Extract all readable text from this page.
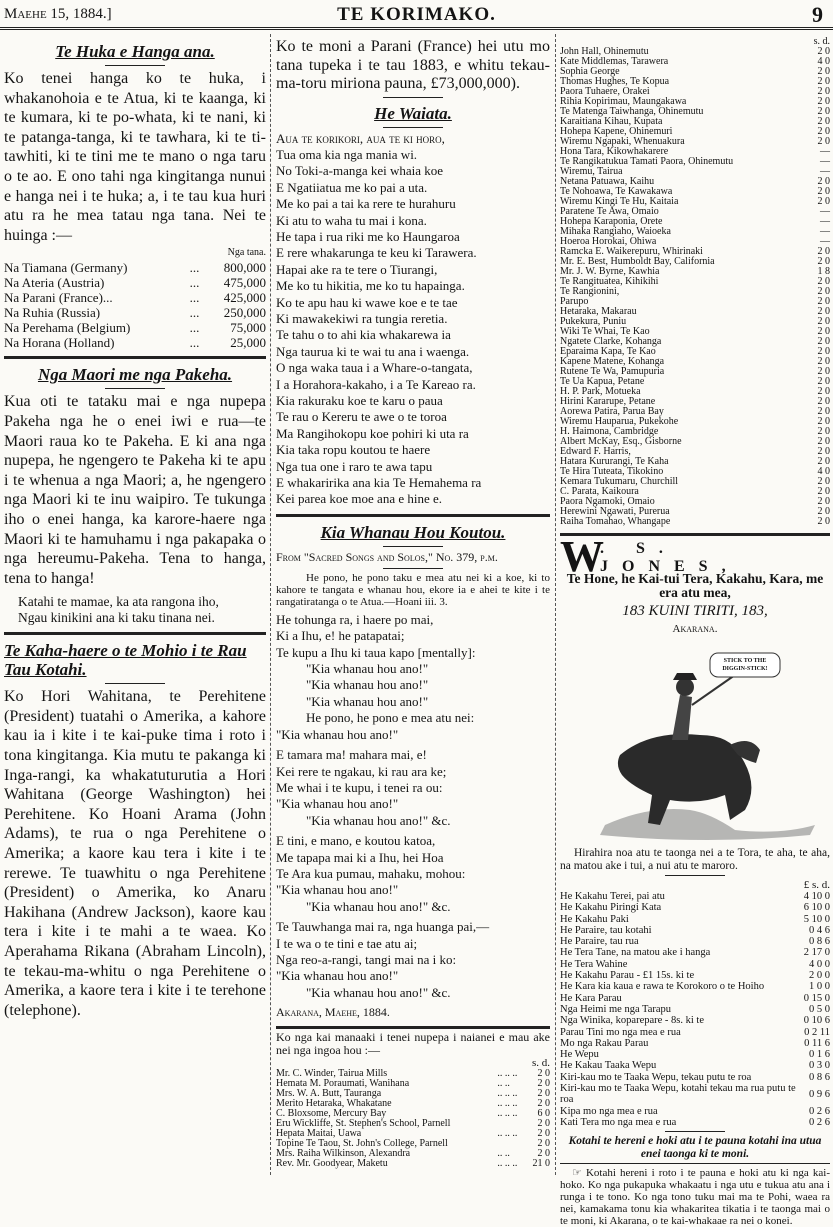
Maehe 15, 1884.]	TE KORIMAKO.	9
Te Huka e Hanga ana.

Ko tenei hanga ko te huka, i whakanohoia e te Atua, ki te kaanga, ki te kumara, ki te po-whata, ki te nani, ki te patanga-tanga, ki te tawhara, ki te ti-tawhiti, ki te tini me te mano o nga taru o te ao. E ono tahi nga kingitanga nunui e hanga nei i te huka; a, i te tau kua huri atu ra he mea tatau nga tana. Nei te huinga :—

		Nga tana.
Na Tiamana (Germany)	...	800,000
Na Ateria (Austria)	...	475,000
Na Parani (France)...	...	425,000
Na Ruhia (Russia)	...	250,000
Na Perehama (Belgium)	...	75,000
Na Horana (Holland)	...	25,000
Nga Maori me nga Pakeha.

Kua oti te tataku mai e nga nupepa Pakeha nga he o enei iwi e rua—te Maori raua ko te Pakeha. E ki ana nga nupepa, he ngengero te Pakeha ki te apu i te whenua a nga Maori; a, he ngengero nga Maori ki te inu waipiro. Te tukunga iho o enei hanga, ka karore-haere nga Maori ki te hamuhamu i nga pakapaka o nga hereumu-Pakeha. Tena to hanga, tena to hanga!

Katahi te mamae, ka ata rangona iho,
Ngau kinikini ana ki taku tinana nei.
Te Kaha-haere o te Mohio i te Rau Tau Kotahi.

Ko Hori Wahitana, te Perehitene (President) tuatahi o Amerika, a kahore kau ia i kite i te kai-puke tima i roto i tona kingitanga. Kia mutu te pakanga ki Inga-rangi, ka whakatuturutia a Hori Wahitana (George Washington) hei Perehitene. Ko Hoani Arama (John Adams), te rua o nga Perehitene o Amerika; a kaore kau tera i kite i te rerewe. Te tuawhitu o nga Perehitene (President) o Amerika, ko Anaru Hakihana (Andrew Jackson), kaore kau tera i kite i te mahi a te waea. Ko Aperahama Rikana (Abraham Lincoln), te tekau-ma-whitu o nga Perehitene o Amerika, a kaore tera i kite i te terehone (telephone).

Ko te moni a Parani (France) hei utu mo tana tupeka i te tau 1883, e whitu tekau-ma-toru miriona pauna, £73,000,000).

He Waiata.
Aua te korikori, aua te ki horo,
Tua oma kia nga mania wi.
No Toki-a-manga kei whaia koe
E Ngatiiatua me ko pai a uta.
Me ko pai a tai ka rere te hurahuru
Ki atu to waha tu mai i kona.
He tapa i rua riki me ko Haungaroa
E rere whakarunga te keu ki Tarawera.
Hapai ake ra te tere o Tiurangi,
Me ko tu hikitia, me ko tu hapainga.
Ko te apu hau ki wawe koe e te tae
Ki mawakekiwi ra tungia reretia.
Te tahu o to ahi kia whakarewa ia
Nga taurua ki te wai tu ana i waenga.
O nga waka taua i a Whare-o-tangata,
I a Horahora-kakaho, i a Te Kareao ra.
Kia rakuraku koe te karu o paua
Te rau o Kereru te awe o te toroa
Ma Rangihokopu koe pohiri ki uta ra
Kia taka ropu koutou te haere
Nga tua one i raro te awa tapu
E whakaririka ana kia Te Hemahema ra
Kei parea koe moe ana e hine e.
Kia Whanau Hou Koutou.
From "Sacred Songs and Solos," No. 379, p.m.

He pono, he pono taku e mea atu nei ki a koe, ki to kahore te tangata e whanau hou, ekore ia e ahei te kite i te rangatiratanga o te Atua.—Hoani iii. 3.

He tohunga ra, i haere po mai,
Ki a Ihu, e! he patapatai;
Te kupu a Ihu ki taua kapo [mentally]:
"Kia whanau hou ano!"
"Kia whanau hou ano!"
"Kia whanau hou ano!"
He pono, he pono e mea atu nei:
"Kia whanau hou ano!"
E tamara ma! mahara mai, e!
Kei rere te ngakau, ki rau ara ke;
Me whai i te kupu, i tenei ra ou:
"Kia whanau hou ano!"
"Kia whanau hou ano!" &c.
E tini, e mano, e koutou katoa,
Me tapapa mai ki a Ihu, hei Hoa
Te Ara kua pumau, mahaku, mohou:
"Kia whanau hou ano!"
"Kia whanau hou ano!" &c.
Te Tauwhanga mai ra, nga huanga pai,—
I te wa o te tini e tae atu ai;
Nga reo-a-rangi, tangi mai na i ko:
"Kia whanau hou ano!"
"Kia whanau hou ano!" &c.
Akarana, Maehe, 1884.

Ko nga kai manaaki i tenei nupepa i naianei e mau ake nei nga ingoa hou :—

s. d.
Mr. C. Winder, Tairua Mills	.. .. ..	2 0
Hemata M. Poraumati, Wanihana	.. ..	2 0
Mrs. W. A. Butt, Tauranga	.. .. ..	2 0
Merito Hetaraka, Whakatane	.. .. ..	2 0
C. Bloxsome, Mercury Bay	.. .. ..	6 0
Eru Wickliffe, St. Stephen's School, Parnell		2 0
Hepata Maitai, Uawa	.. .. ..	2 0
Topine Te Taou, St. John's College, Parnell		2 0
Mrs. Raiha Wilkinson, Alexandra	.. ..	2 0
Rev. Mr. Goodyear, Maketu	.. .. ..	21 0
s. d.
John Hall, Ohinemutu	2 0
Kate Middlemas, Tarawera	4 0
Sophia George	2 0
Thomas Hughes, Te Kopua	2 0
Paora Tuhaere, Orakei	2 0
Rihia Kopirimau, Maungakawa	2 0
Te Matenga Taiwhanga, Ohinemutu	2 0
Karaitiana Kihau, Kupata	2 0
Hohepa Kapene, Ohinemuri	2 0
Wiremu Ngapaki, Whenuakura	2 0
Hona Tara, Kikowhakarere	—
Te Rangikatukua Tamati Paora, Ohinemutu	—
Wiremu, Tairua	—
Netana Patuawa, Kaihu	2 0
Te Nohoawa, Te Kawakawa	2 0
Wiremu Kingi Te Hu, Kaitaia	2 0
Paratene Te Awa, Omaio	—
Hohepa Karaponia, Orete	—
Mihaka Rangiaho, Waioeka	—
Hoeroa Horokai, Ohiwa	—
Ramcka E. Waikerepuru, Whirinaki	2 0
Mr. E. Best, Humboldt Bay, California	2 0
Mr. J. W. Byrne, Kawhia	1 8
Te Rangituatea, Kihikihi	2 0
Te Rangionini,	2 0
Parupo	2 0
Hetaraka, Makarau	2 0
Pukekura, Puniu	2 0
Wiki Te Whai, Te Kao	2 0
Ngatete Clarke, Kohanga	2 0
Eparaima Kapa, Te Kao	2 0
Kapene Matene, Kohanga	2 0
Rutene Te Wa, Pamupuria	2 0
Te Ua Kapua, Petane	2 0
H. P. Park, Motueka	2 0
Hirini Kararupe, Petane	2 0
Aorewa Patira, Parua Bay	2 0
Wiremu Hauparua, Pukekohe	2 0
H. Haimona, Cambridge	2 0
Albert McKay, Esq., Gisborne	2 0
Edward F. Harris,	2 0
Hatara Kururangi, Te Kaha	2 0
Te Hira Tuteata, Tikokino	4 0
Kemara Tukumaru, Churchill	2 0
C. Parata, Kaikoura	2 0
Paora Ngamoki, Omaio	2 0
Herewini Ngawati, Purerua	2 0
Raiha Tomahao, Whangape	2 0
W
. S. JONES,
Te Hone, he Kai-tui Tera, Kakahu, Kara, me era atu mea,
183 KUINI TIRITI, 183,
Akarana.
STICK TO THE DIGGIN-STICK!

Hirahira noa atu te taonga nei a te Tora, te aha, te aha, na matou ake i tui, a nui atu te maroro.

£ s. d.
He Kakahu Terei, pai atu	4 10 0
He Kakahu Piringi Kata	6 10 0
He Kakahu Paki	5 10 0
He Paraire, tau kotahi	0 4 6
He Paraire, tau rua	0 8 6
He Tera Tane, na matou ake i hanga	2 17 0
He Tera Wahine	4 0 0
He Kakahu Parau - £1 15s. ki te	2 0 0
He Kara kia kaua e rawa te Korokoro o te Hoiho	1 0 0
He Kara Parau	0 15 0
Nga Heimi me nga Tarapu	0 5 0
Nga Winika, koparepare - 8s. ki te	0 10 6
Parau Tini mo nga mea e rua	0 2 11
Mo nga Rakau Parau	0 11 6
He Wepu	0 1 6
He Kakau Taaka Wepu	0 3 0
Kiri-kau mo te Taaka Wepu, tekau putu te roa	0 8 6
Kiri-kau mo te Taaka Wepu, kotahi tekau ma rua putu te roa	0 9 6
Kipa mo nga mea e rua	0 2 6
Kati Tera mo nga mea e rua	0 2 6

Kotahi te hereni e hoki atu i te pauna kotahi ina utua enei taonga ki te moni.

☞ Kotahi hereni i roto i te pauna e hoki atu ki nga kai-hoko. Ko nga pukapuka whakaatu i nga utu e tukua atu ana i runga i te tono. Ko nga tono tuku mai ma te Pohi, waea ra nei, kamakama tonu kia whakaritea tikatia i te taonga mai o te moni, ki Akarana, o te kai-whakaae ra nei o konei.
